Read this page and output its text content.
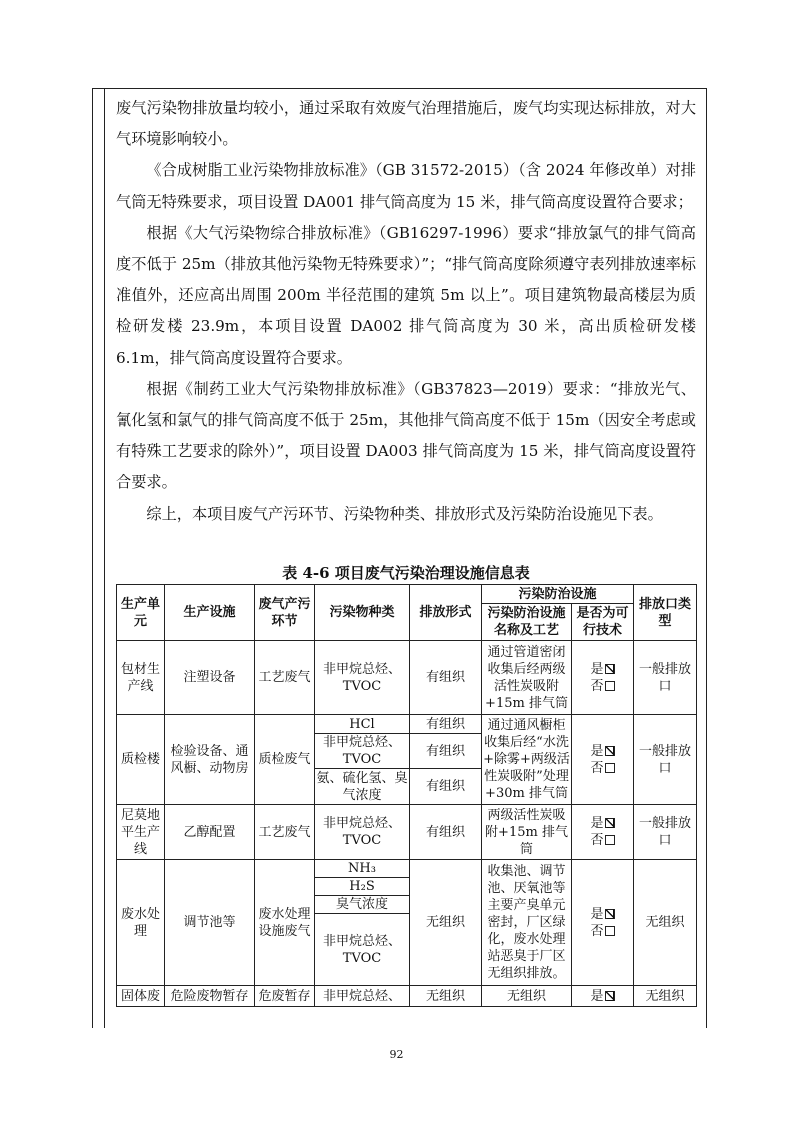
废气污染物排放量均较小，通过采取有效废气治理措施后，废气均实现达标排放，对大气环境影响较小。

《合成树脂工业污染物排放标准》（GB 31572-2015）（含 2024 年修改单）对排气筒无特殊要求，项目设置 DA001 排气筒高度为 15 米，排气筒高度设置符合要求；

根据《大气污染物综合排放标准》（GB16297-1996）要求“排放氯气的排气筒高度不低于 25m（排放其他污染物无特殊要求）”；“排气筒高度除须遵守表列排放速率标准值外，还应高出周围 200m 半径范围的建筑 5m 以上”。项目建筑物最高楼层为质检研发楼 23.9m，本项目设置 DA002 排气筒高度为 30 米，高出质检研发楼 6.1m，排气筒高度设置符合要求。

根据《制药工业大气污染物排放标准》（GB37823—2019）要求：“排放光气、氰化氢和氯气的排气筒高度不低于 25m，其他排气筒高度不低于 15m（因安全考虑或有特殊工艺要求的除外）”，项目设置 DA003 排气筒高度为 15 米，排气筒高度设置符合要求。

综上，本项目废气产污环节、污染物种类、排放形式及污染防治设施见下表。

表 4-6 项目废气污染治理设施信息表
生产单元	生产设施	废气产污环节	污染物种类	排放形式	污染防治设施		排放口类型
					污染防治设施名称及工艺	是否为可行技术	
包材生产线	注塑设备	工艺废气	非甲烷总烃、TVOC	有组织	通过管道密闭收集后经两级活性炭吸附+15m 排气筒	是
否	一般排放口
质检楼	检验设备、通风橱、动物房	质检废气	HCl	有组织	通过通风橱柜收集后经“水洗+除雾+两级活性炭吸附”处理+30m 排气筒	是
否	一般排放口
			非甲烷总烃、TVOC	有组织			
			氨、硫化氢、臭气浓度	有组织			
尼莫地平生产线	乙醇配置	工艺废气	非甲烷总烃、TVOC	有组织	两级活性炭吸附+15m 排气筒	是
否	一般排放口
废水处理	调节池等	废水处理设施废气	NH₃	无组织	收集池、调节池、厌氧池等主要产臭单元密封，厂区绿化，废水处理站恶臭于厂区无组织排放。	是
否	无组织
			H₂S				
			臭气浓度				
			非甲烷总烃、TVOC				
固体废	危险废物暂存	危废暂存	非甲烷总烃、	无组织	无组织	是	无组织
92
